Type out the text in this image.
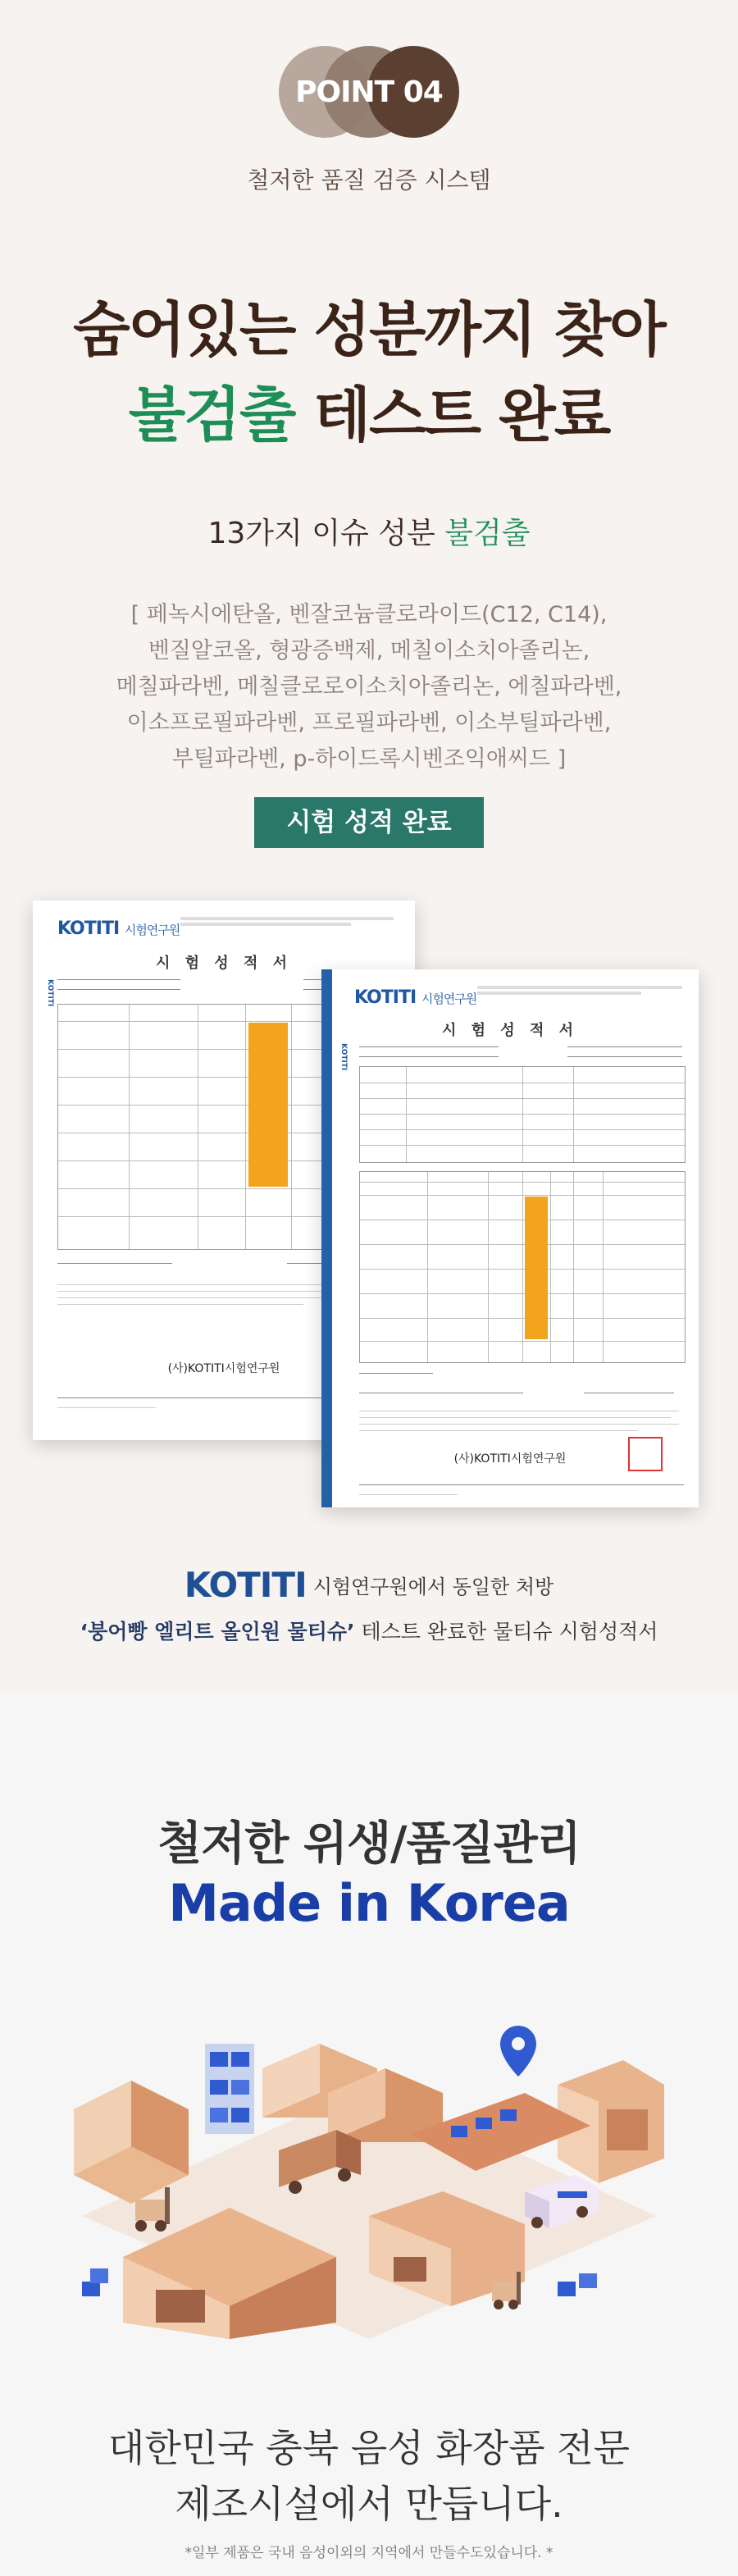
POINT 04
철저한 품질 검증 시스템
숨어있는 성분까지 찾아
불검출 테스트 완료
13가지 이슈 성분 불검출
[ 페녹시에탄올, 벤잘코늄클로라이드(C12, C14),
벤질알코올, 형광증백제, 메칠이소치아졸리논,
메칠파라벤, 메칠클로로이소치아졸리논, 에칠파라벤,
이소프로필파라벤, 프로필파라벤, 이소부틸파라벤,
부틸파라벤, p-하이드록시벤조익애씨드 ]
시험 성적 완료
KOTITI 시험연구원
시 험 성 적 서
KOTITI
(사)KOTITI시험연구원
KOTITI 시험연구원
시 험 성 적 서
KOTITI
(사)KOTITI시험연구원
KOTITI 시험연구원에서 동일한 처방
‘붕어빵 엘리트 올인원 물티슈’ 테스트 완료한 물티슈 시험성적서
철저한 위생/품질관리
Made in Korea
대한민국 충북 음성 화장품 전문
제조시설에서 만듭니다.
*일부 제품은 국내 음성이외의 지역에서 만들수도있습니다. *
